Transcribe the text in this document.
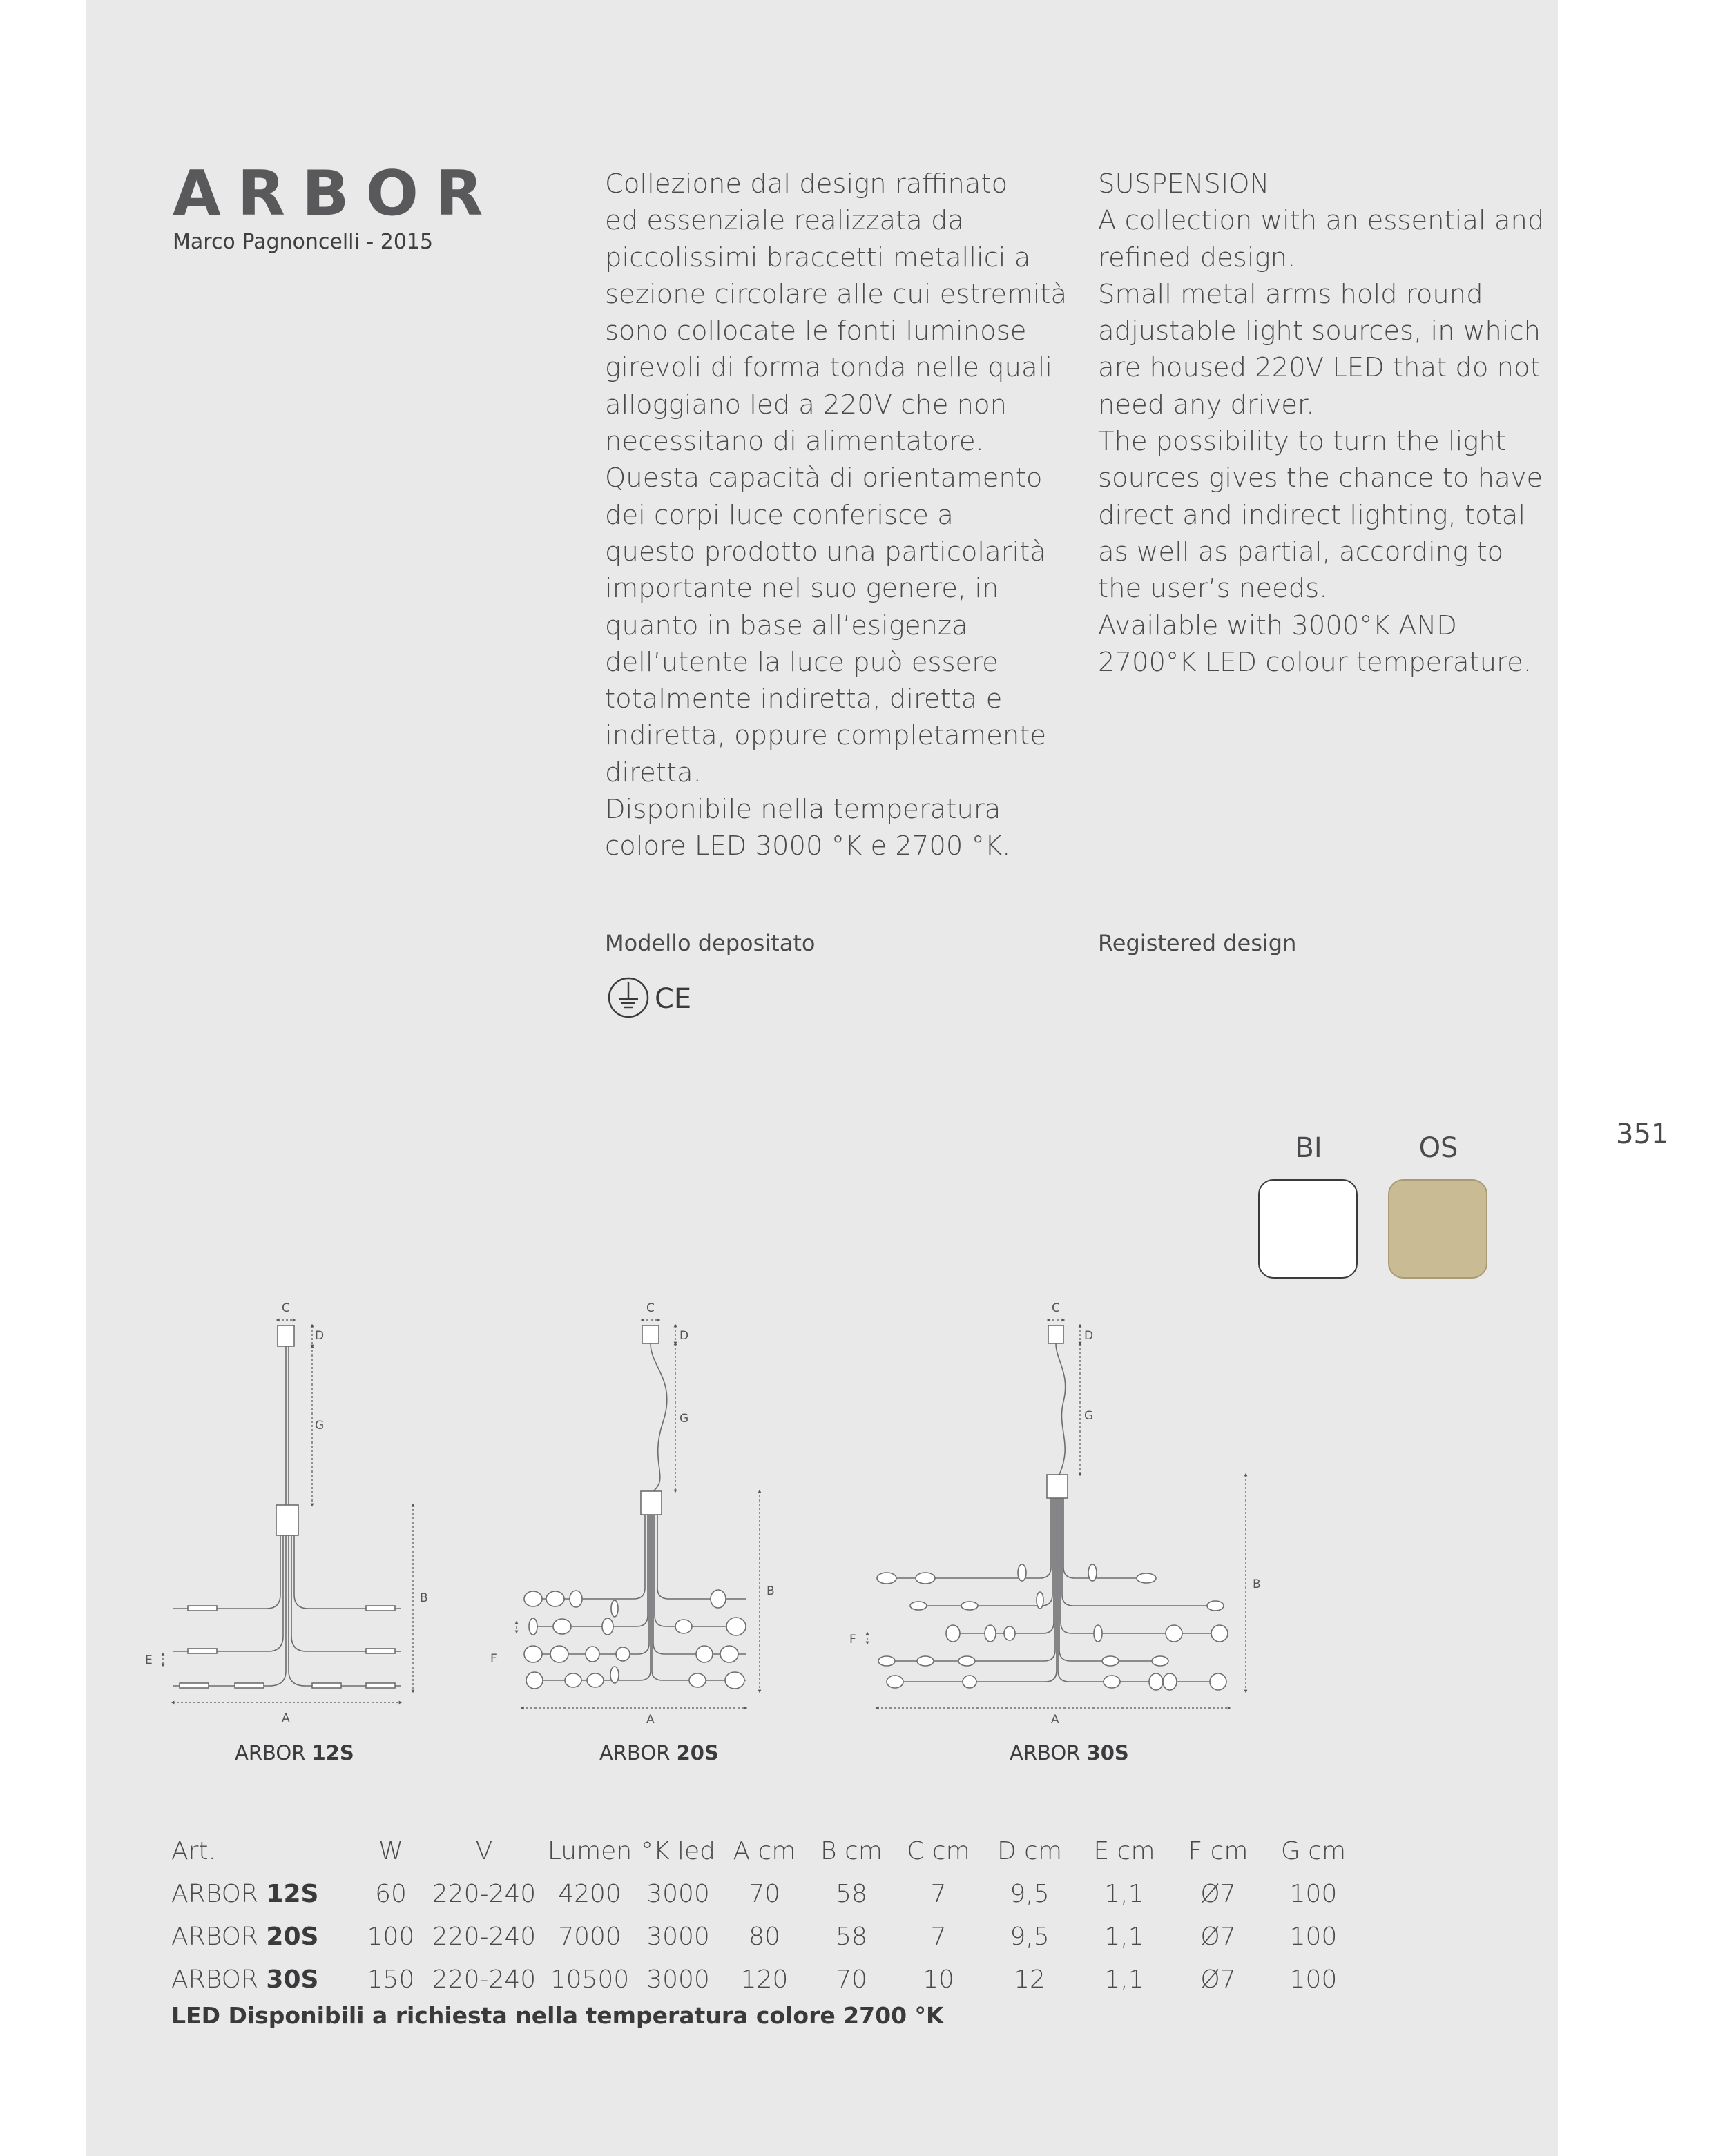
ARBOR
Marco Pagnoncelli - 2015
Collezione dal design raffinato
ed essenziale realizzata da
piccolissimi braccetti metallici a
sezione circolare alle cui estremità
sono collocate le fonti luminose
girevoli di forma tonda nelle quali
alloggiano led a 220V che non
necessitano di alimentatore.
Questa capacità di orientamento
dei corpi luce conferisce a
questo prodotto una particolarità
importante nel suo genere, in
quanto in base all’esigenza
dell’utente la luce può essere
totalmente indiretta, diretta e
indiretta, oppure completamente
diretta.
Disponibile nella temperatura
colore LED 3000 °K e 2700 °K.
SUSPENSION
A collection with an essential and
refined design.
Small metal arms hold round
adjustable light sources, in which
are housed 220V LED that do not
need any driver.
The possibility to turn the light
sources gives the chance to have
direct and indirect lighting, total
as well as partial, according to
the user’s needs.
Available with 3000°K AND
2700°K LED colour temperature.
Modello depositato	Registered design
CE
351
BI	OS
C
D
G
B
A
E
C
D
G
B
A
F
C
D
G
B
A
F
ARBOR 12S	ARBOR 20S	ARBOR 30S
Art.	W	V	Lumen	°K led	A cm	B cm	C cm	D cm	E cm	F cm	G cm
ARBOR 12S	60	220-240	4200	3000	70	58	7	9,5	1,1	Ø7	100
ARBOR 20S	100	220-240	7000	3000	80	58	7	9,5	1,1	Ø7	100
ARBOR 30S	150	220-240	10500	3000	120	70	10	12	1,1	Ø7	100
LED Disponibili a richiesta nella temperatura colore 2700 °K
